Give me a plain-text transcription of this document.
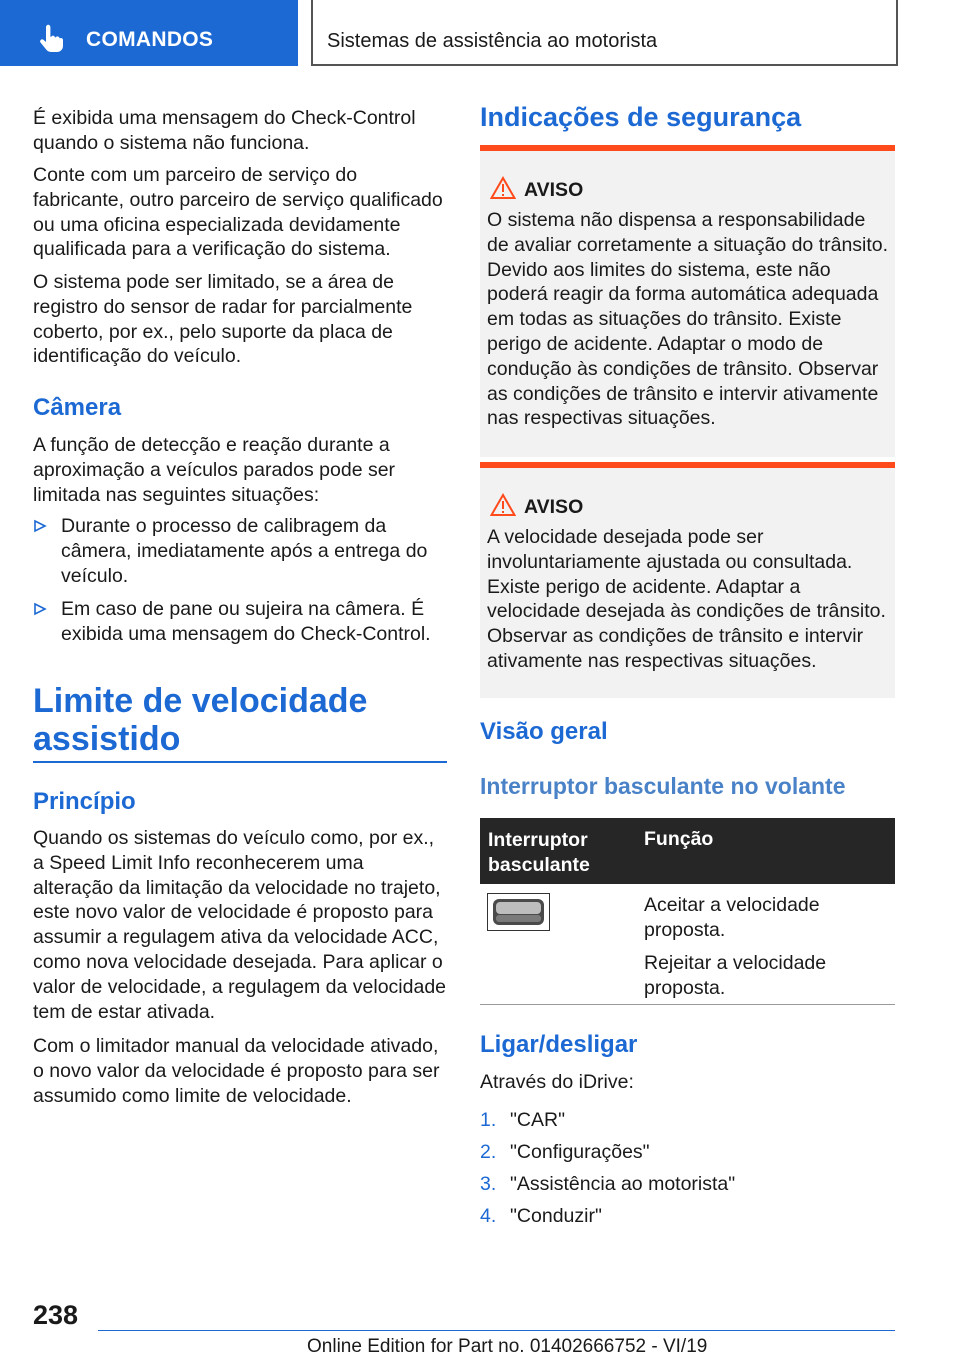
COMANDOS	Sistemas de assistência ao motorista

É exibida uma mensagem do Check-Control quando o sistema não funciona.

Conte com um parceiro de serviço do fabricante, outro parceiro de serviço qualificado ou uma oficina especializada devidamente qualificada para a verificação do sistema.

O sistema pode ser limitado, se a área de registro do sensor de radar for parcialmente coberto, por ex., pelo suporte da placa de identificação do veículo.

Câmera

A função de detecção e reação durante a aproximação a veículos parados pode ser limitada nas seguintes situações:

Durante o processo de calibragem da câmera, imediatamente após a entrega do veículo.
Em caso de pane ou sujeira na câmera. É exibida uma mensagem do Check-Control.
Limite de velocidade assistido
Princípio

Quando os sistemas do veículo como, por ex., a Speed Limit Info reconhecerem uma alteração da limitação da velocidade no trajeto, este novo valor de velocidade é proposto para assumir a regulagem ativa da velocidade ACC, como nova velocidade desejada. Para aplicar o valor de velocidade, a regulagem da velocidade tem de estar ativada.

Com o limitador manual da velocidade ativado, o novo valor da velocidade é proposto para ser assumido como limite de velocidade.

Indicações de segurança
AVISO
O sistema não dispensa a responsabilidade de avaliar corretamente a situação do trânsito. Devido aos limites do sistema, este não poderá reagir da forma automática adequada em todas as situações do trânsito. Existe perigo de acidente. Adaptar o modo de condução às condições de trânsito. Observar as condições de trânsito e intervir ativamente nas respectivas situações.
AVISO
A velocidade desejada pode ser involuntariamente ajustada ou consultada. Existe perigo de acidente. Adaptar a velocidade desejada às condições de trânsito. Observar as condições de trânsito e intervir ativamente nas respectivas situações.
Visão geral
Interruptor basculante no volante
Interruptor basculante
Função

Aceitar a velocidade proposta.

Rejeitar a velocidade proposta.

Ligar/desligar

Através do iDrive:

1. "CAR"
2. "Configurações"
3. "Assistência ao motorista"
4. "Conduzir"
238
Online Edition for Part no. 01402666752 - VI/19
